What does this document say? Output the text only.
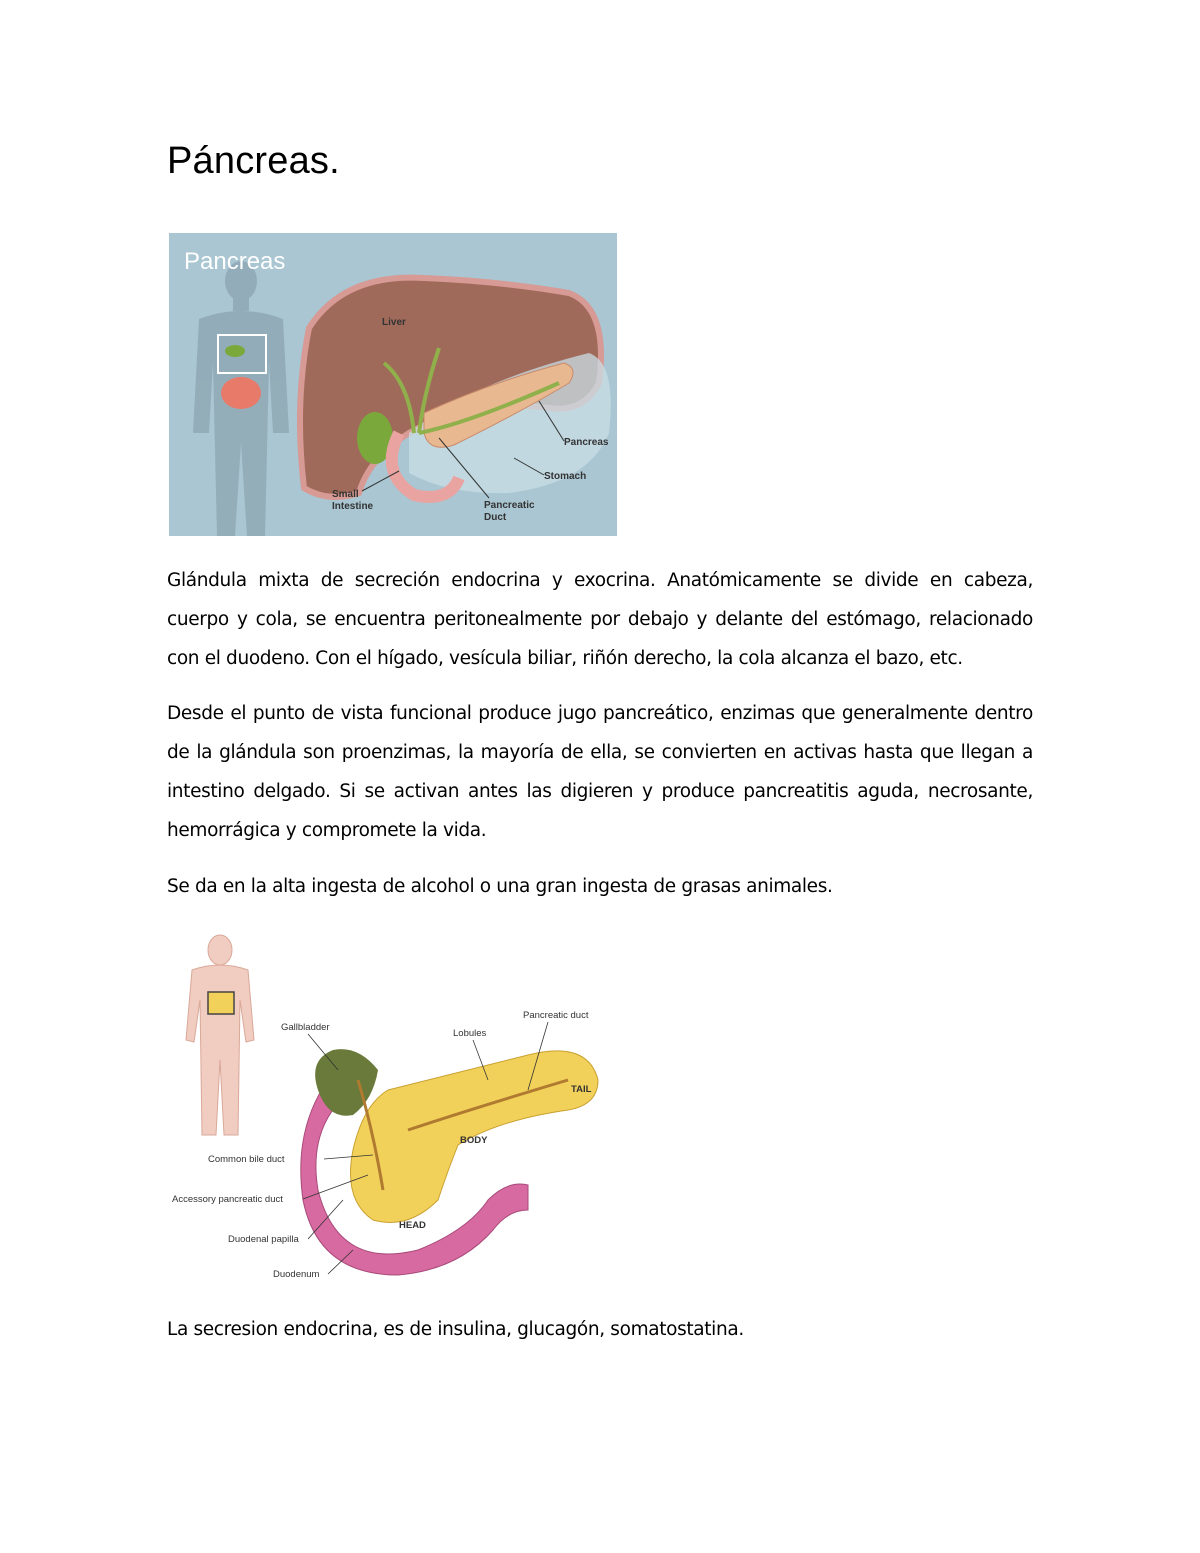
Páncreas.
Pancreas
Liver
Pancreas
Stomach
Small
Intestine	Pancreatic
Duct

Glándula mixta de secreción endocrina y exocrina. Anatómicamente se divide en cabeza, cuerpo y cola, se encuentra peritonealmente por debajo y delante del estómago, relacionado con el duodeno. Con el hígado, vesícula biliar, riñón derecho, la cola alcanza el bazo, etc.

Desde el punto de vista funcional produce jugo pancreático, enzimas que generalmente dentro de la glándula son proenzimas, la mayoría de ella, se convierten en activas hasta que llegan a intestino delgado. Si se activan antes las digieren y produce pancreatitis aguda, necrosante, hemorrágica y compromete la vida.

Se da en la alta ingesta de alcohol o una gran ingesta de grasas animales.

Gallbladder
Lobules
Pancreatic duct
TAIL
BODY
HEAD
Common bile duct
Accessory pancreatic duct
Duodenal papilla
Duodenum

La secresion endocrina, es de insulina, glucagón, somatostatina.
